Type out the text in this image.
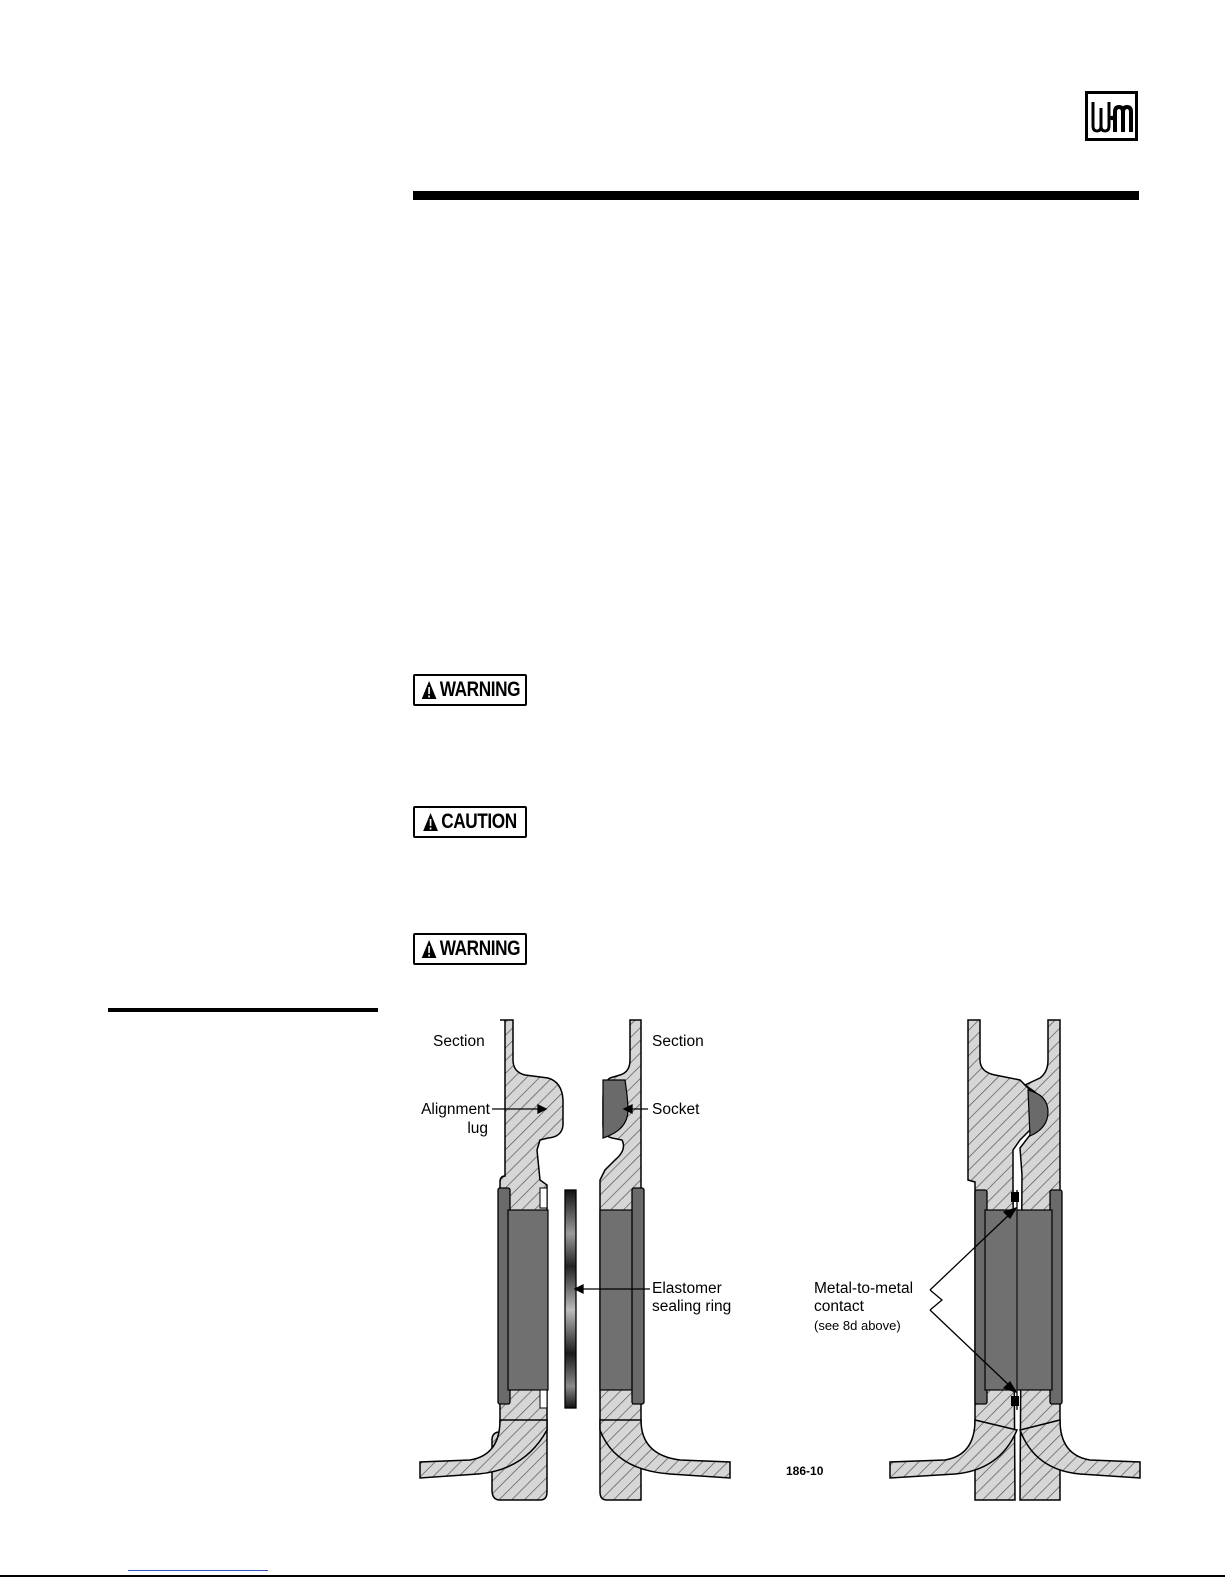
WARNING
CAUTION
WARNING
Section	Section
Alignment
lug
Socket
Elastomer
sealing ring
Metal-to-metal
contact
(see 8d above)
186-10
